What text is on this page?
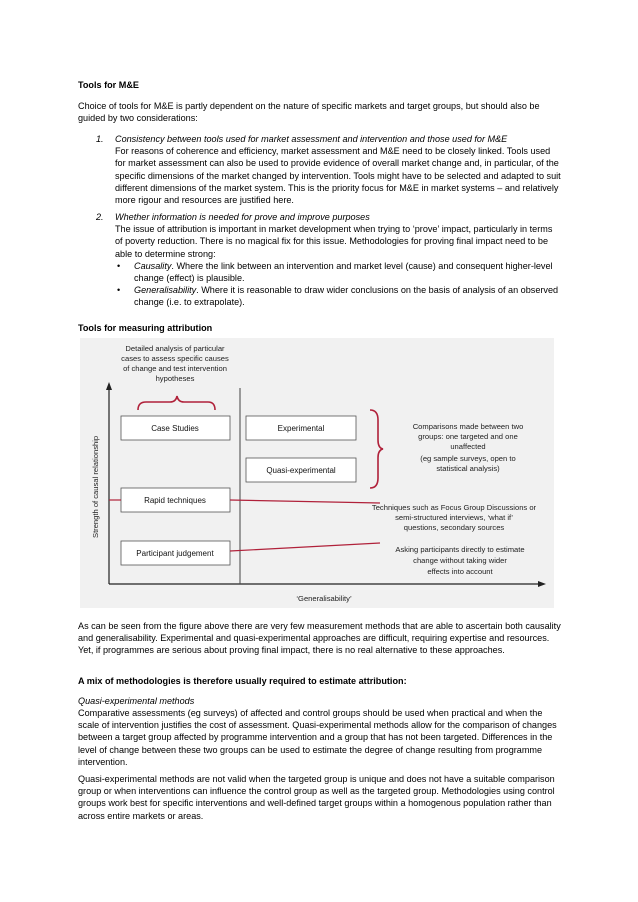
Tools for M&E

Choice of tools for M&E is partly dependent on the nature of specific markets and target groups, but should also be guided by two considerations:

1. Consistency between tools used for market assessment and intervention and those used for M&E
For reasons of coherence and efficiency, market assessment and M&E need to be closely linked. Tools used for market assessment can also be used to provide evidence of overall market change and, in particular, of the specific dimensions of the market changed by intervention. Tools might have to be selected and adapted to suit different dimensions of the market system. This is the priority focus for M&E in market systems – and relatively more rigour and resources are justified here.
2. Whether information is needed for prove and improve purposes
The issue of attribution is important in market development when trying to ‘prove’ impact, particularly in terms of poverty reduction. There is no magical fix for this issue. Methodologies for proving final impact need to be able to determine strong:
• Causality. Where the link between an intervention and market level (cause) and consequent higher-level change (effect) is plausible.
• Generalisability. Where it is reasonable to draw wider conclusions on the basis of analysis of an observed change (i.e. to extrapolate).

Tools for measuring attribution

Strength of causal relationship
‘Generalisability’
Detailed analysis of particular
cases to assess specific causes
of change and test intervention
hypotheses
Case Studies	Experimental
Quasi-experimental
Rapid techniques
Participant judgement
Comparisons made between two
groups: one targeted and one
unaffected
(eg sample surveys, open to
statistical analysis)
Techniques such as Focus Group Discussions or
semi-structured interviews, ‘what if’
questions, secondary sources
Asking participants directly to estimate
change without taking wider
effects into account

As can be seen from the figure above there are very few measurement methods that are able to ascertain both causality and generalisability. Experimental and quasi-experimental approaches are difficult, requiring expertise and resources. Yet, if programmes are serious about proving final impact, there is no real alternative to these approaches.

A mix of methodologies is therefore usually required to estimate attribution:

Quasi-experimental methods

Comparative assessments (eg surveys) of affected and control groups should be used when practical and when the scale of intervention justifies the cost of assessment. Quasi-experimental methods allow for the comparison of changes between a target group affected by programme intervention and a group that has not been targeted. Differences in the level of change between these two groups can be used to estimate the degree of change resulting from programme intervention.

Quasi-experimental methods are not valid when the targeted group is unique and does not have a suitable comparison group or when interventions can influence the control group as well as the targeted group. Methodologies using control groups work best for specific interventions and well-defined target groups within a homogenous population rather than across entire markets or areas.
